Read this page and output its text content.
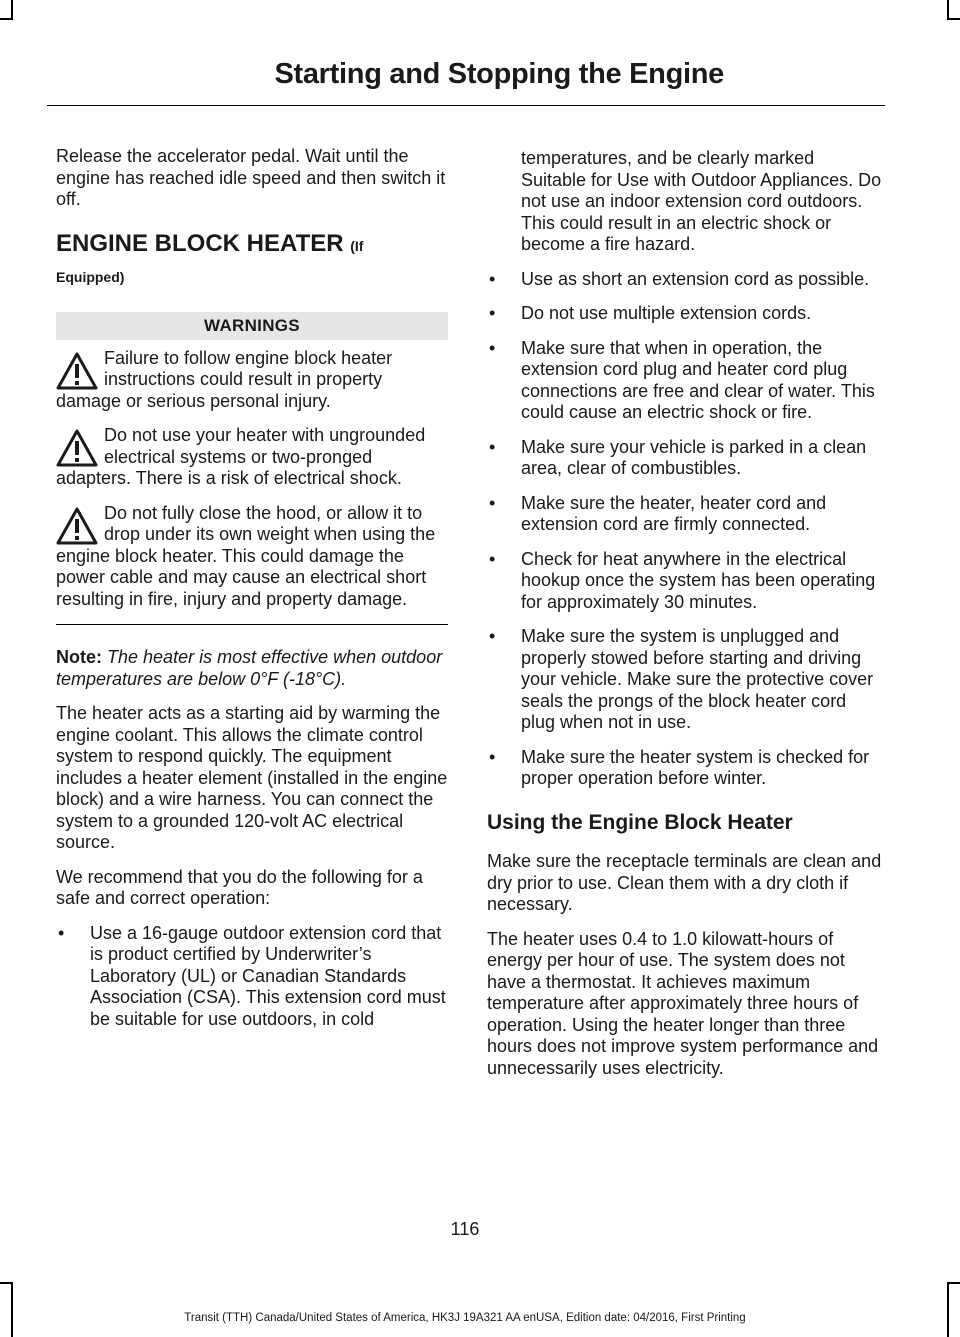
Starting and Stopping the Engine

Release the accelerator pedal. Wait until the engine has reached idle speed and then switch it off.

ENGINE BLOCK HEATER (If
Equipped)
WARNINGS
Failure to follow engine block heater instructions could result in property damage or serious personal injury.
Do not use your heater with ungrounded electrical systems or two-pronged adapters. There is a risk of electrical shock.
Do not fully close the hood, or allow it to drop under its own weight when using the engine block heater. This could damage the power cable and may cause an electrical short resulting in fire, injury and property damage.

Note: The heater is most effective when outdoor temperatures are below 0°F (-18°C).

The heater acts as a starting aid by warming the engine coolant. This allows the climate control system to respond quickly. The equipment includes a heater element (installed in the engine block) and a wire harness. You can connect the system to a grounded 120-volt AC electrical source.

We recommend that you do the following for a safe and correct operation:

• Use a 16-gauge outdoor extension cord that is product certified by Underwriter’s Laboratory (UL) or Canadian Standards Association (CSA). This extension cord must be suitable for use outdoors, in cold
temperatures, and be clearly marked Suitable for Use with Outdoor Appliances. Do not use an indoor extension cord outdoors. This could result in an electric shock or become a fire hazard.
• Use as short an extension cord as possible.
• Do not use multiple extension cords.
• Make sure that when in operation, the extension cord plug and heater cord plug connections are free and clear of water. This could cause an electric shock or fire.
• Make sure your vehicle is parked in a clean area, clear of combustibles.
• Make sure the heater, heater cord and extension cord are firmly connected.
• Check for heat anywhere in the electrical hookup once the system has been operating for approximately 30 minutes.
• Make sure the system is unplugged and properly stowed before starting and driving your vehicle. Make sure the protective cover seals the prongs of the block heater cord plug when not in use.
• Make sure the heater system is checked for proper operation before winter.
Using the Engine Block Heater

Make sure the receptacle terminals are clean and dry prior to use. Clean them with a dry cloth if necessary.

The heater uses 0.4 to 1.0 kilowatt-hours of energy per hour of use. The system does not have a thermostat. It achieves maximum temperature after approximately three hours of operation. Using the heater longer than three hours does not improve system performance and unnecessarily uses electricity.

116
Transit (TTH) Canada/United States of America, HK3J 19A321 AA enUSA, Edition date: 04/2016, First Printing
